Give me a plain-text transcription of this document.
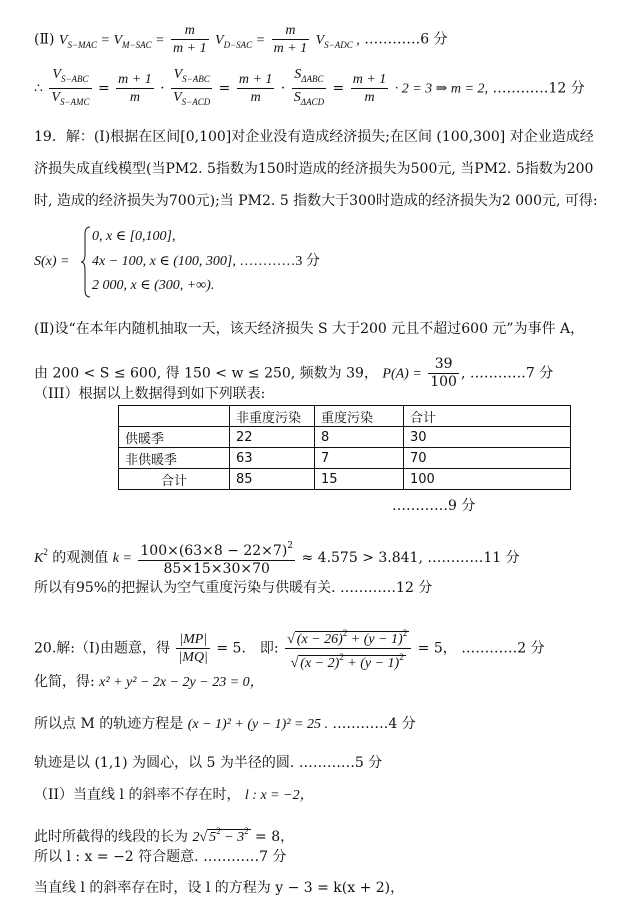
(Ⅱ) $V_{S-MAC} = V_{M-SAC} = \frac{m}{m + 1} V_{D-SAC} = \frac{m}{m + 1} V_{S-ADC}$ , …………6 分
∴ $\frac{V_{S-ABC}}{V_{S-AMC}} = \frac{m + 1}{m} \cdot \frac{V_{S-ABC}}{V_{S-ACD}} = \frac{m + 1}{m} \cdot \frac{S_{\Delta ABC}}{S_{\Delta ACD}} = \frac{m + 1}{m} \cdot 2 = 3$ ⇒ m = 2, …………12 分
19．解：(Ⅰ)根据在区间[0,100]对企业没有造成经济损失;在区间 (100,300] 对企业造成经
济损失成直线模型(当PM2. 5指数为150时造成的经济损失为500元, 当PM2. 5指数为200
时, 造成的经济损失为700元);当 PM2. 5 指数大于300时造成的经济损失为2 000元, 可得:
S(x) =
0, x ∈ [0,100],
4x − 100, x ∈ (100, 300], …………3 分
2 000, x ∈ (300, +∞).
(Ⅱ)设“在本年内随机抽取一天，该天经济损失 S 大于200 元且不超过600 元”为事件 A，
由 200 < S ≤ 600, 得 150 < w ≤ 250, 频数为 39， $P(A) = \frac{39}{100}$ , …………7 分
（III）根据以上数据得到如下列联表:
	非重度污染	重度污染	合计
供暖季	22	8	30
非供暖季	63	7	70
合计	85	15	100
…………9 分
$K^2$ 的观测值 $k = \frac{100\times(63\times 8 - 22\times 7)^2}{85\times 15\times 30\times 70} \approx 4.575 > 3.841$, …………11 分
所以有95%的把握认为空气重度污染与供暖有关. …………12 分
20.解:（Ⅰ)由题意，得 $\frac{|MP|}{|MQ|} = 5$． 即: $\frac{√ (x - 26)^2 + (y - 1)^2}{√ (x - 2)^2 + (y - 1)^2} = 5$， …………2 分
化简，得: x² + y² − 2x − 2y − 23 = 0，
所以点 M 的轨迹方程是 (x − 1)² + (y − 1)² = 25 . …………4 分
轨迹是以 (1,1) 为圆心，以 5 为半径的圆. …………5 分
（II）当直线 l 的斜率不存在时， l : x = −2，
此时所截得的线段的长为 2√ $5^2 - 3^2 = 8$，
所以 l : x = −2 符合题意. …………7 分
当直线 l 的斜率存在时，设 l 的方程为 y − 3 = k(x + 2)，
